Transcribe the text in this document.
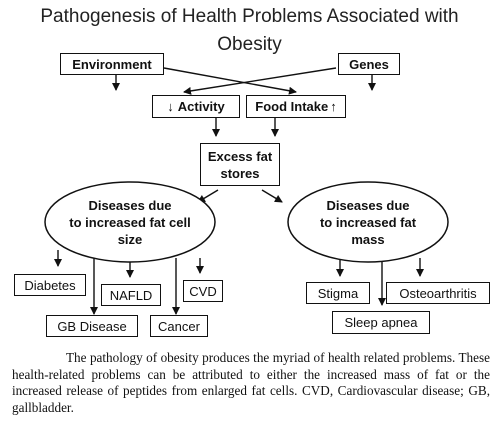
Pathogenesis of Health Problems Associated with
Obesity
Environment	Genes
↓ Activity Food Intake ↑
Excess fat
stores
Diseases due
to increased fat cell
size
Diseases due
to increased fat
mass
Diabetes
NAFLD	CVD
GB Disease	Cancer
Stigma	Osteoarthritis
Sleep apnea
The pathology of obesity produces the myriad of health related problems. These health-related problems can be attributed to either the increased mass of fat or the increased release of peptides from enlarged fat cells. CVD, Cardiovascular disease; GB, gallbladder.
